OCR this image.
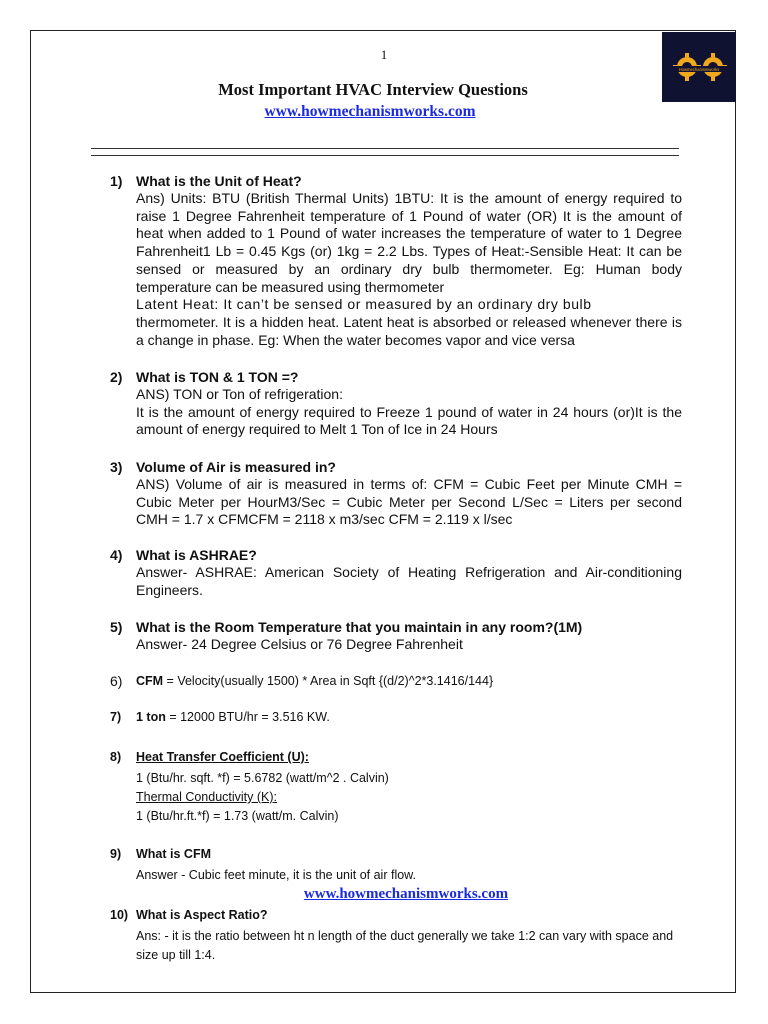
1
Howmechanismworks
Most Important HVAC Interview Questions
www.howmechanismworks.com
1) What is the Unit of Heat?

Ans) Units: BTU (British Thermal Units) 1BTU: It is the amount of energy required to raise 1 Degree Fahrenheit temperature of 1 Pound of water (OR) It is the amount of heat when added to 1 Pound of water increases the temperature of water to 1 Degree Fahrenheit1 Lb = 0.45 Kgs (or) 1kg = 2.2 Lbs. Types of Heat:-Sensible Heat: It can be sensed or measured by an ordinary dry bulb thermometer. Eg: Human body temperature can be measured using thermometer

Latent Heat: It can’t be sensed or measured by an ordinary dry bulb

thermometer. It is a hidden heat. Latent heat is absorbed or released whenever there is a change in phase. Eg: When the water becomes vapor and vice versa

2) What is TON & 1 TON =?

ANS) TON or Ton of refrigeration:

It is the amount of energy required to Freeze 1 pound of water in 24 hours (or)It is the amount of energy required to Melt 1 Ton of Ice in 24 Hours

3) Volume of Air is measured in?

ANS) Volume of air is measured in terms of: CFM = Cubic Feet per Minute CMH = Cubic Meter per HourM3/Sec = Cubic Meter per Second L/Sec = Liters per second CMH = 1.7 x CFMCFM = 2118 x m3/sec CFM = 2.119 x l/sec

4) What is ASHRAE?

Answer- ASHRAE: American Society of Heating Refrigeration and Air-conditioning Engineers.

5) What is the Room Temperature that you maintain in any room?(1M)

Answer- 24 Degree Celsius or 76 Degree Fahrenheit

6) CFM = Velocity(usually 1500) * Area in Sqft {(d/2)^2*3.1416/144}
7) 1 ton = 12000 BTU/hr = 3.516 KW.
8) Heat Transfer Coefficient (U):

1 (Btu/hr. sqft. *f) = 5.6782 (watt/m^2 . Calvin)

Thermal Conductivity (K):

1 (Btu/hr.ft.*f) = 1.73 (watt/m. Calvin)

9) What is CFM

Answer - Cubic feet minute, it is the unit of air flow.

www.howmechanismworks.com
10) What is Aspect Ratio?

Ans: - it is the ratio between ht n length of the duct generally we take 1:2 can vary with space and size up till 1:4.
